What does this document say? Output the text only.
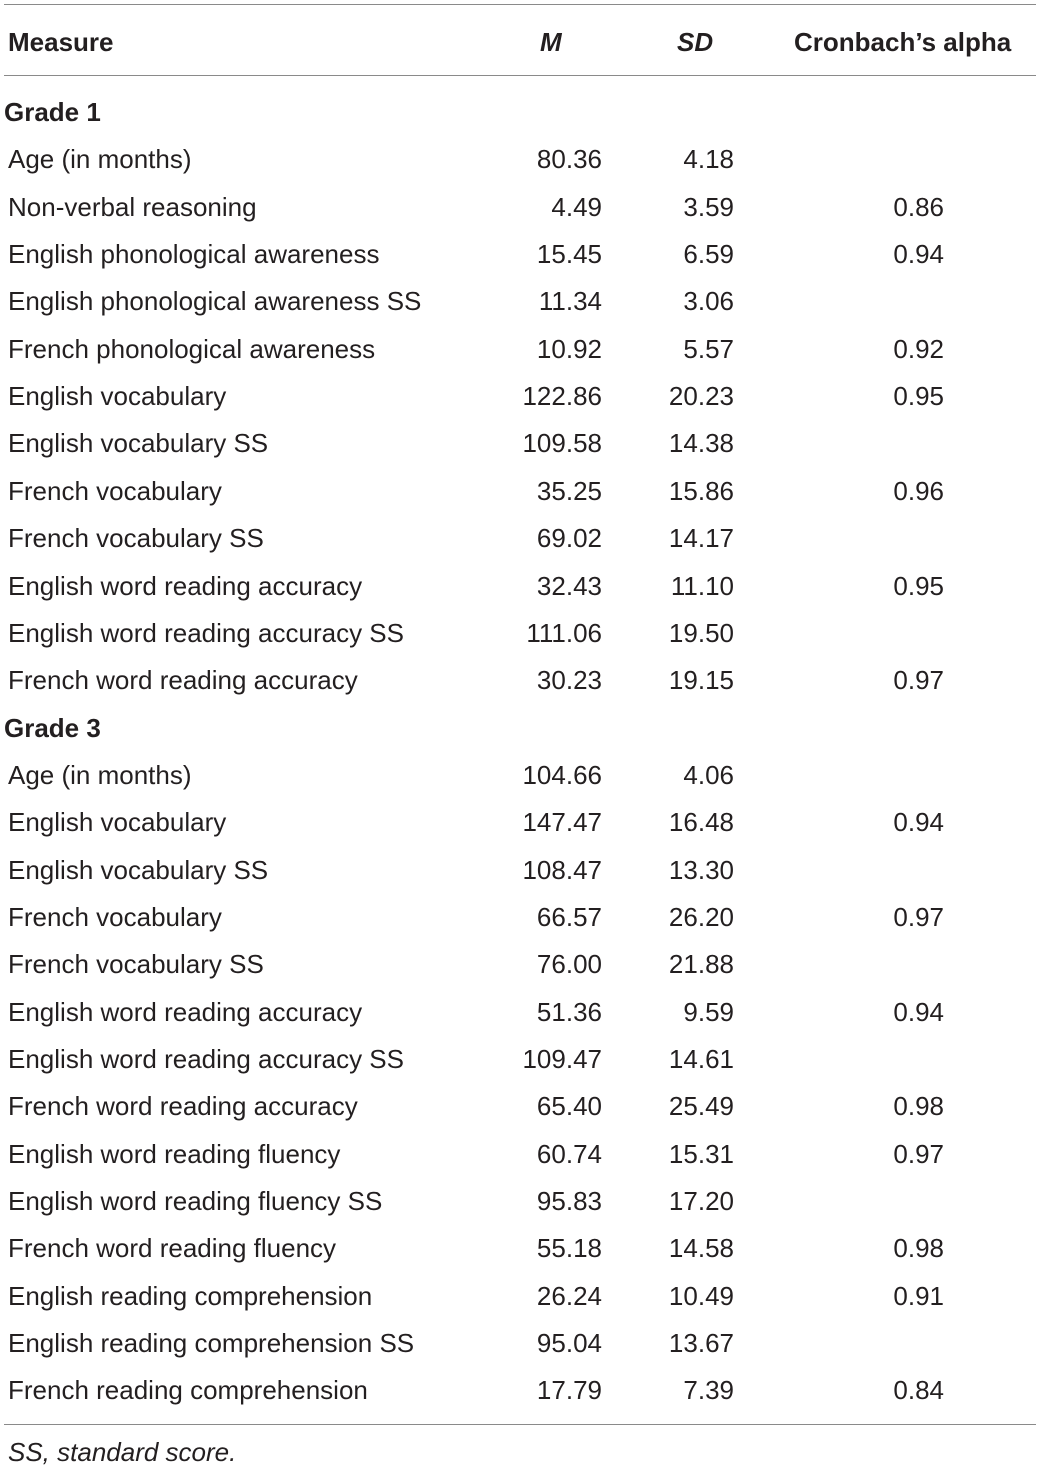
Measure	M	SD	Cronbach’s alpha
Grade 1
Age (in months)	80.36	4.18
Non-verbal reasoning	4.49	3.59	0.86
English phonological awareness	15.45	6.59	0.94
English phonological awareness SS	11.34	3.06
French phonological awareness	10.92	5.57	0.92
English vocabulary	122.86	20.23	0.95
English vocabulary SS	109.58	14.38
French vocabulary	35.25	15.86	0.96
French vocabulary SS	69.02	14.17
English word reading accuracy	32.43	11.10	0.95
English word reading accuracy SS	111.06	19.50
French word reading accuracy	30.23	19.15	0.97
Grade 3
Age (in months)	104.66	4.06
English vocabulary	147.47	16.48	0.94
English vocabulary SS	108.47	13.30
French vocabulary	66.57	26.20	0.97
French vocabulary SS	76.00	21.88
English word reading accuracy	51.36	9.59	0.94
English word reading accuracy SS	109.47	14.61
French word reading accuracy	65.40	25.49	0.98
English word reading fluency	60.74	15.31	0.97
English word reading fluency SS	95.83	17.20
French word reading fluency	55.18	14.58	0.98
English reading comprehension	26.24	10.49	0.91
English reading comprehension SS	95.04	13.67
French reading comprehension	17.79	7.39	0.84
SS, standard score.
